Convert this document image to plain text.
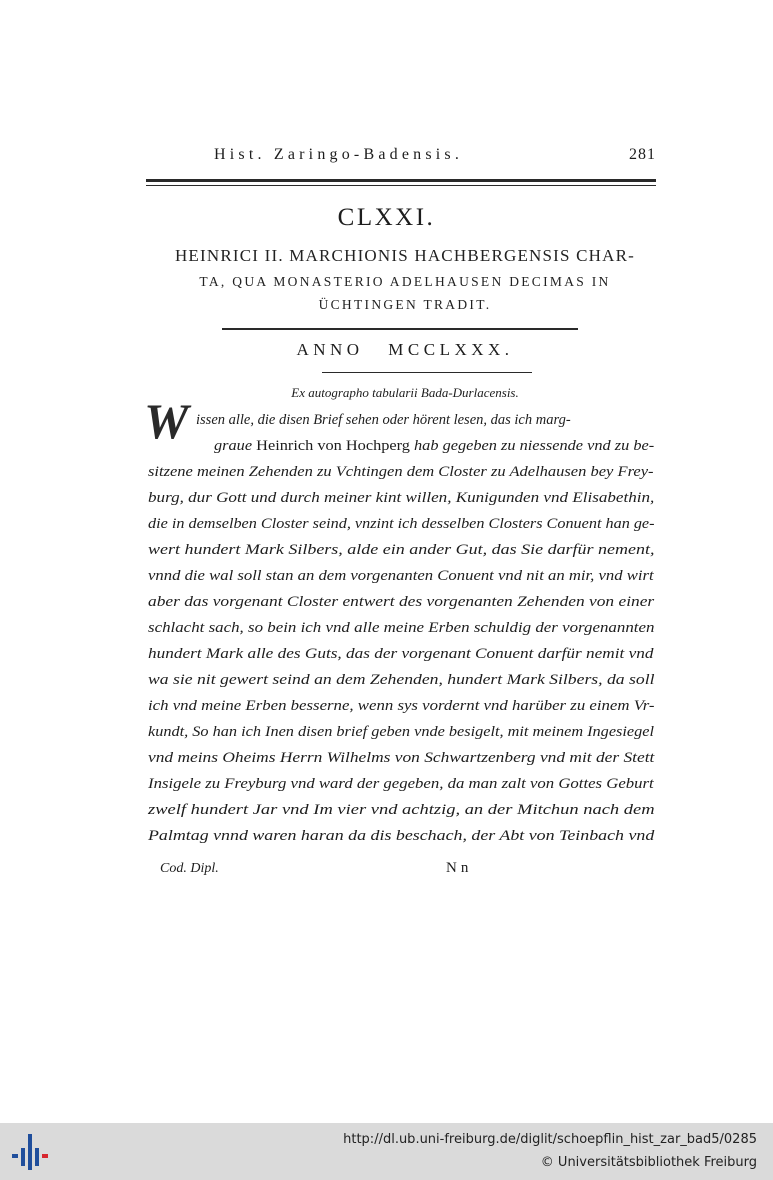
Hist. Zaringo-Badensis.	281
CLXXI.
HEINRICI II. MARCHIONIS HACHBERGENSIS CHAR-
TA, QUA MONASTERIO ADELHAUSEN DECIMAS IN
ÜCHTINGEN TRADIT.
ANNO MCCLXXX.
Ex autographo tabularii Bada-Durlacensis.
W issen alle, die disen Brief sehen oder hörent lesen, das ich marg-
graue Heinrich von Hochperg hab gegeben zu niessende vnd zu be-
sitzene meinen Zehenden zu Vchtingen dem Closter zu Adelhausen bey Frey-
burg, dur Gott und durch meiner kint willen, Kunigunden vnd Elisabethin,
die in demselben Closter seind, vnzint ich desselben Closters Conuent han ge-
wert hundert Mark Silbers, alde ein ander Gut, das Sie darfür nement,
vnnd die wal soll stan an dem vorgenanten Conuent vnd nit an mir, vnd wirt
aber das vorgenant Closter entwert des vorgenanten Zehenden von einer
schlacht sach, so bein ich vnd alle meine Erben schuldig der vorgenannten
hundert Mark alle des Guts, das der vorgenant Conuent darfür nemit vnd
wa sie nit gewert seind an dem Zehenden, hundert Mark Silbers, da soll
ich vnd meine Erben besserne, wenn sys vordernt vnd harüber zu einem Vr-
kundt, So han ich Inen disen brief geben vnde besigelt, mit meinem Ingesiegel
vnd meins Oheims Herrn Wilhelms von Schwartzenberg vnd mit der Stett
Insigele zu Freyburg vnd ward der gegeben, da man zalt von Gottes Geburt
zwelf hundert Jar vnd Im vier vnd achtzig, an der Mitchun nach dem
Palmtag vnnd waren haran da dis beschach, der Abt von Teinbach vnd
Cod. Dipl.	Nn
http://dl.ub.uni-freiburg.de/diglit/schoepflin_hist_zar_bad5/0285
© Universitätsbibliothek Freiburg
